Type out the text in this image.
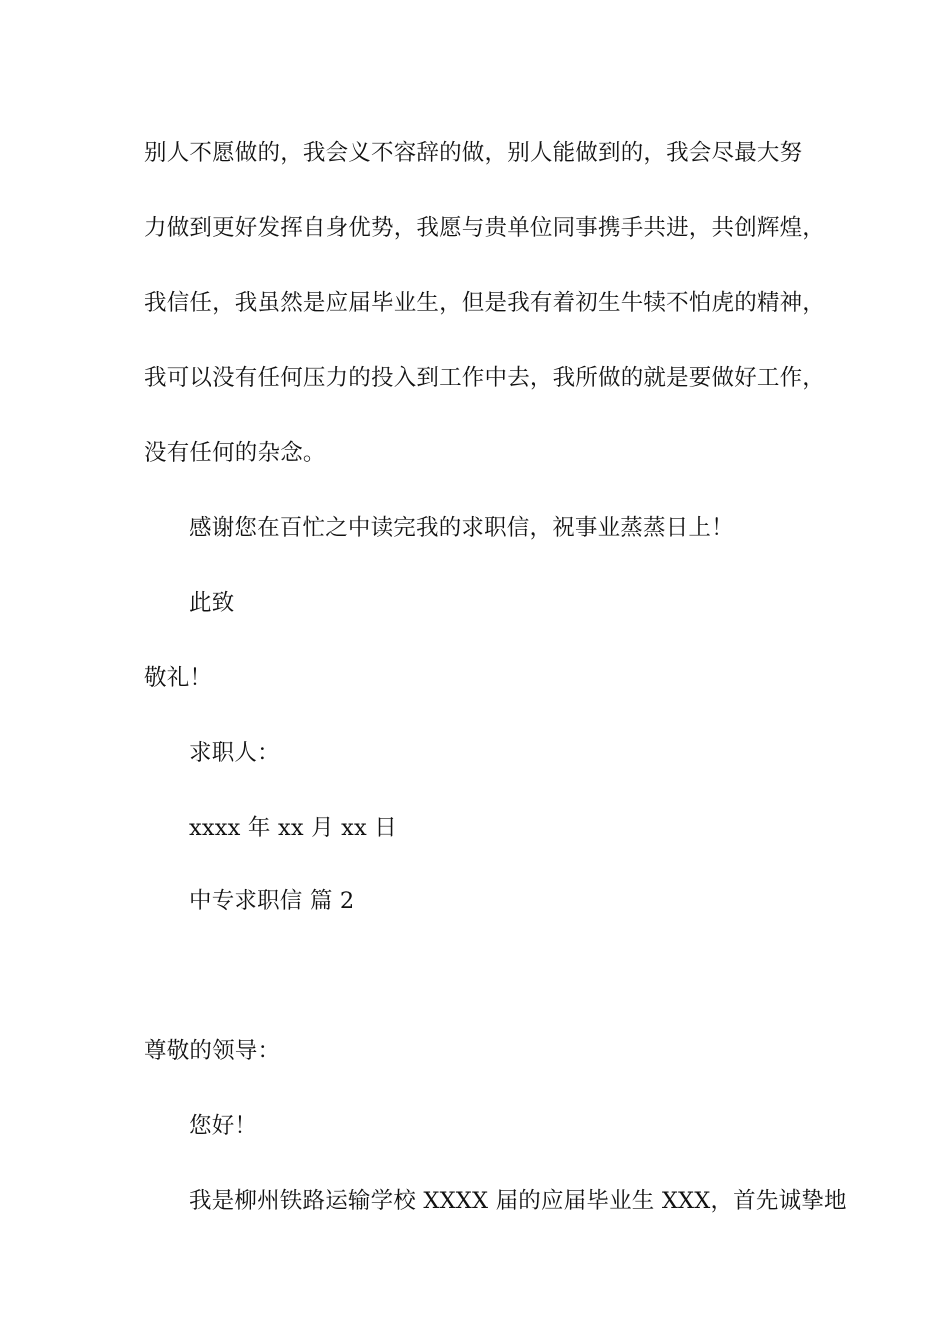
别人不愿做的，我会义不容辞的做，别人能做到的，我会尽最大努
力做到更好发挥自身优势，我愿与贵单位同事携手共进，共创辉煌，
我信任，我虽然是应届毕业生，但是我有着初生牛犊不怕虎的精神，
我可以没有任何压力的投入到工作中去，我所做的就是要做好工作，
没有任何的杂念。
感谢您在百忙之中读完我的求职信，祝事业蒸蒸日上！
此致
敬礼！
求职人：
xxxx 年 xx 月 xx 日
中专求职信 篇 2
尊敬的领导：
您好！
我是柳州铁路运输学校 XXXX 届的应届毕业生 XXX，首先诚挚地
